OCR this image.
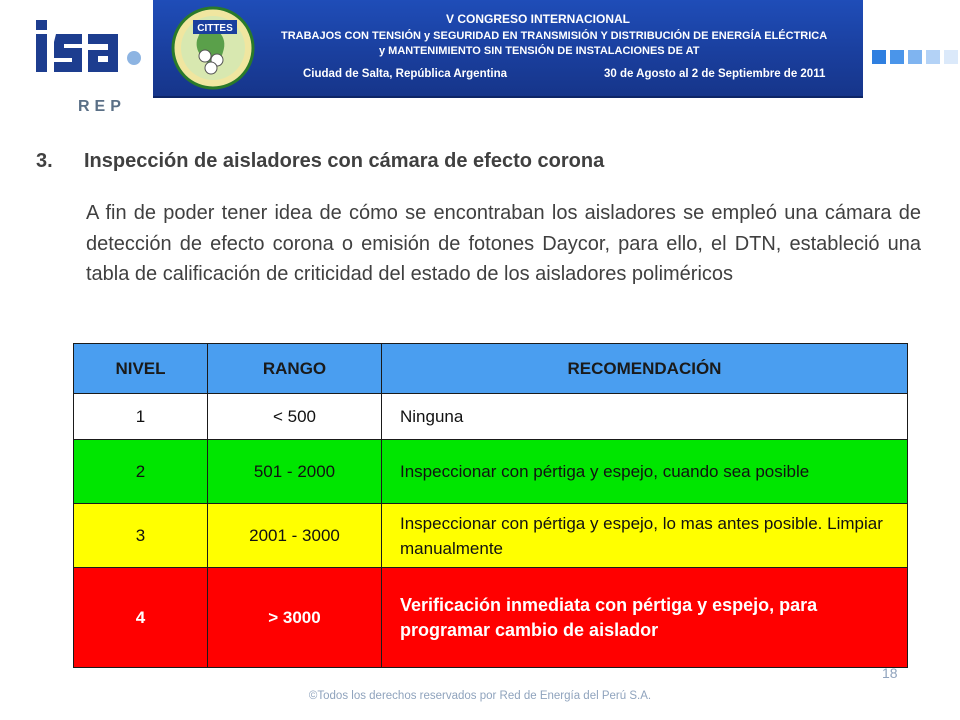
REP
CITTES
V CONGRESO INTERNACIONAL
TRABAJOS CON TENSIÓN y SEGURIDAD EN TRANSMISIÓN Y DISTRIBUCIÓN DE ENERGÍA ELÉCTRICA
y MANTENIMIENTO SIN TENSIÓN DE INSTALACIONES DE AT
Ciudad de Salta, República Argentina	30 de Agosto al 2 de Septiembre de 2011
3. Inspección de aisladores con cámara de efecto corona

A fin de poder tener idea de cómo se encontraban los aisladores se empleó una cámara de detección de efecto corona o emisión de fotones Daycor, para ello, el DTN, estableció una tabla de calificación de criticidad del estado de los aisladores poliméricos

NIVEL	RANGO	RECOMENDACIÓN
1	< 500	Ninguna
2	501 - 2000	Inspeccionar con pértiga y espejo, cuando sea posible
3	2001 - 3000	Inspeccionar con pértiga y espejo, lo mas antes posible. Limpiar manualmente
4	> 3000	Verificación inmediata con pértiga y espejo, para programar cambio de aislador
18
©Todos los derechos reservados por Red de Energía del Perú S.A.
